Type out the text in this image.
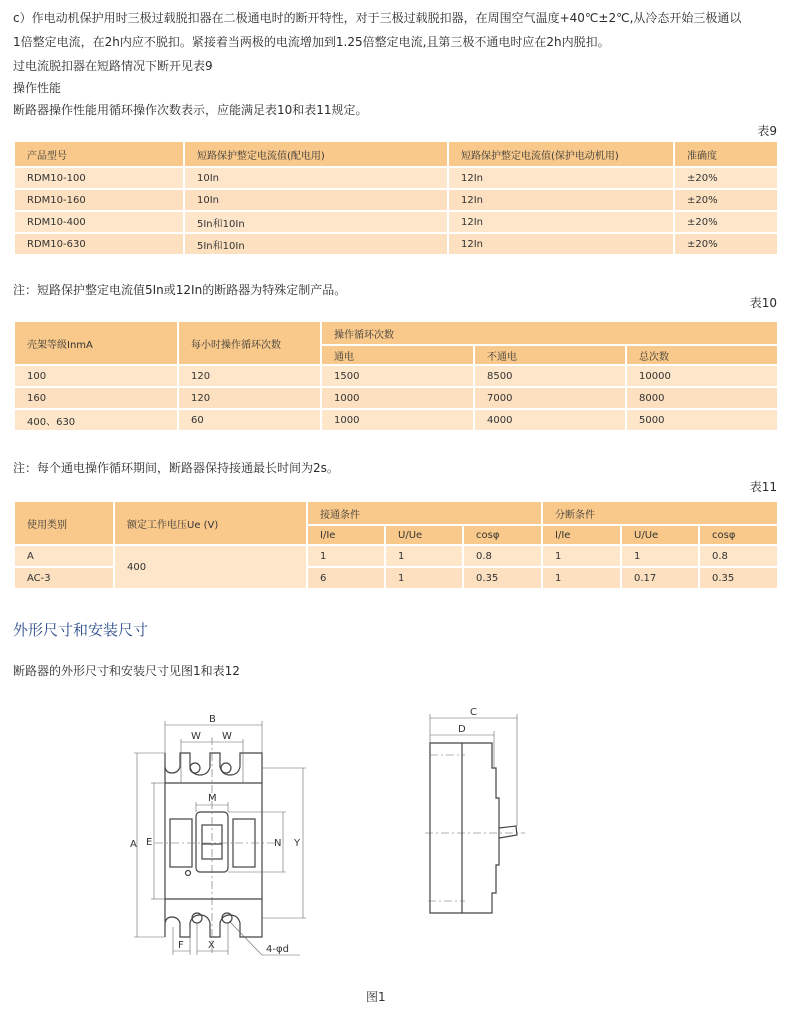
c）作电动机保护用时三极过载脱扣器在二极通电时的断开特性，对于三极过载脱扣器，在周围空气温度+40℃±2℃,从冷态开始三极通以
1倍整定电流，在2h内应不脱扣。紧接着当两极的电流增加到1.25倍整定电流,且第三极不通电时应在2h内脱扣。
过电流脱扣器在短路情况下断开见表9
操作性能
断路器操作性能用循环操作次数表示，应能满足表10和表11规定。
表9
产品型号	短路保护整定电流值(配电用)	短路保护整定电流值(保护电动机用)	准确度
RDM10-100	10In	12In	±20%
RDM10-160	10In	12In	±20%
RDM10-400	5In和10In	12In	±20%
RDM10-630	5In和10In	12In	±20%
注：短路保护整定电流值5In或12In的断路器为特殊定制产品。
表10
壳架等级InmA	每小时操作循环次数	操作循环次数		
		通电	不通电	总次数
100	120	1500	8500	10000
160	120	1000	7000	8000
400、630	60	1000	4000	5000
注：每个通电操作循环期间，断路器保持接通最长时间为2s。
表11
使用类别	额定工作电压Ue (V)	接通条件			分断条件		
		I/Ie	U/Ue	cosφ	I/Ie	U/Ue	cosφ
A	400	1	1	0.8	1	1	0.8
AC-3		6	1	0.35	1	0.17	0.35
外形尺寸和安装尺寸
断路器的外形尺寸和安装尺寸见图1和表12
B
W W
A E
M
N Y
F X	4-φd
C
D
图1
